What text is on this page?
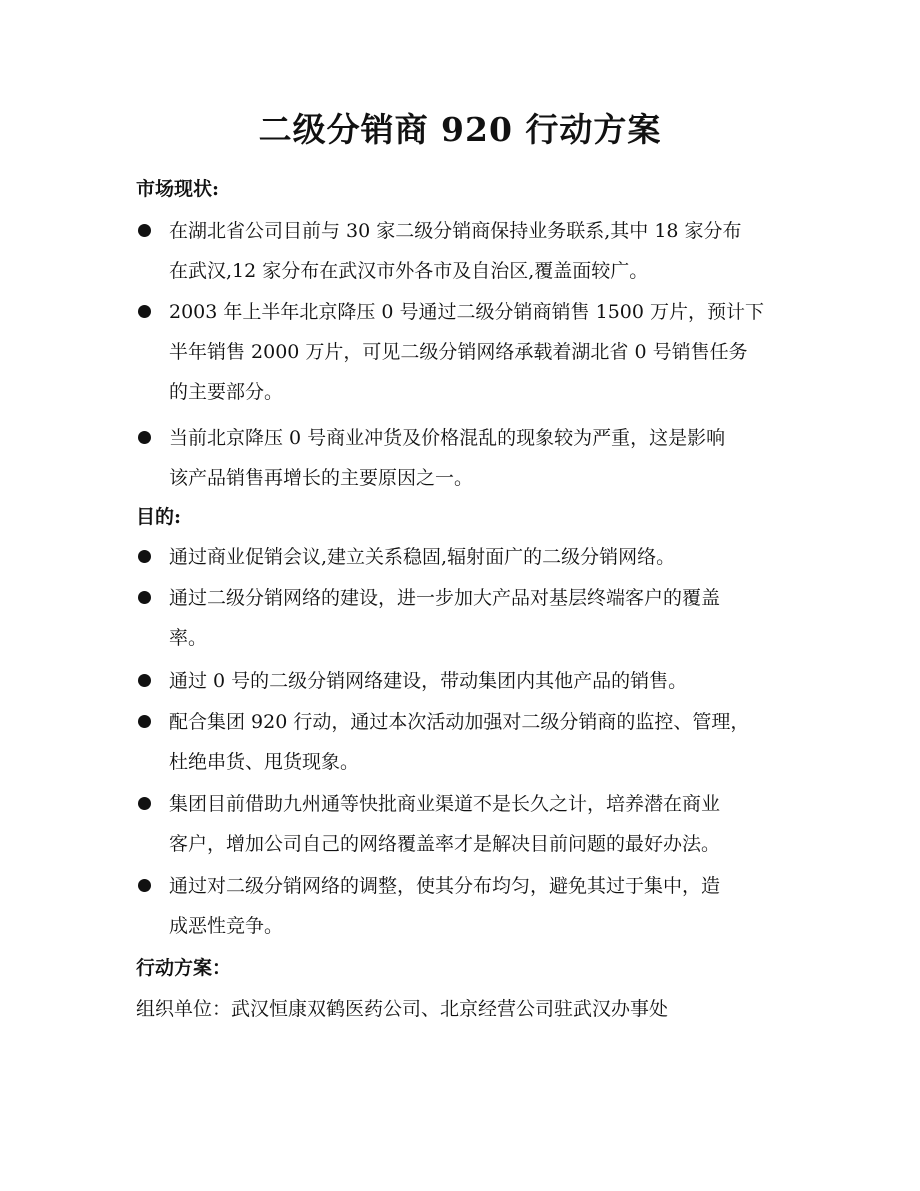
二级分销商 920 行动方案
市场现状:
在湖北省公司目前与 30 家二级分销商保持业务联系,其中 18 家分布
在武汉,12 家分布在武汉市外各市及自治区,覆盖面较广。
2003 年上半年北京降压 0 号通过二级分销商销售 1500 万片，预计下
半年销售 2000 万片，可见二级分销网络承载着湖北省 0 号销售任务
的主要部分。
当前北京降压 0 号商业冲货及价格混乱的现象较为严重，这是影响
该产品销售再增长的主要原因之一。
目的:
通过商业促销会议,建立关系稳固,辐射面广的二级分销网络。
通过二级分销网络的建设，进一步加大产品对基层终端客户的覆盖
率。
通过 0 号的二级分销网络建设，带动集团内其他产品的销售。
配合集团 920 行动，通过本次活动加强对二级分销商的监控、管理，
杜绝串货、甩货现象。
集团目前借助九州通等快批商业渠道不是长久之计，培养潜在商业
客户，增加公司自己的网络覆盖率才是解决目前问题的最好办法。
通过对二级分销网络的调整，使其分布均匀，避免其过于集中，造
成恶性竞争。
行动方案：
组织单位：武汉恒康双鹤医药公司、北京经营公司驻武汉办事处
